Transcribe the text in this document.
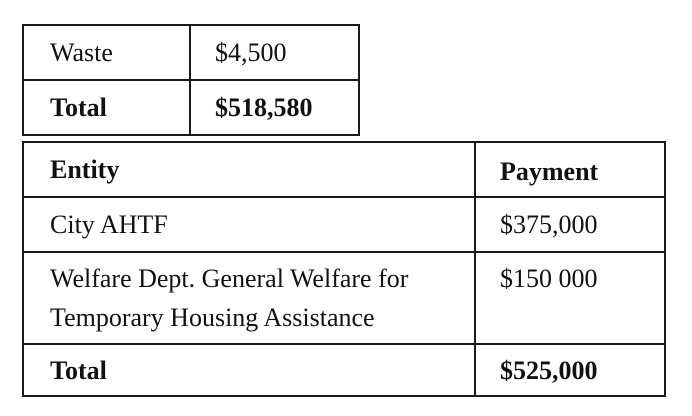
Waste	$4,500
Total	$518,580
Entity	Payment
City AHTF	$375,000
Welfare Dept. General Welfare for Temporary Housing Assistance	$150 000
Total	$525,000
